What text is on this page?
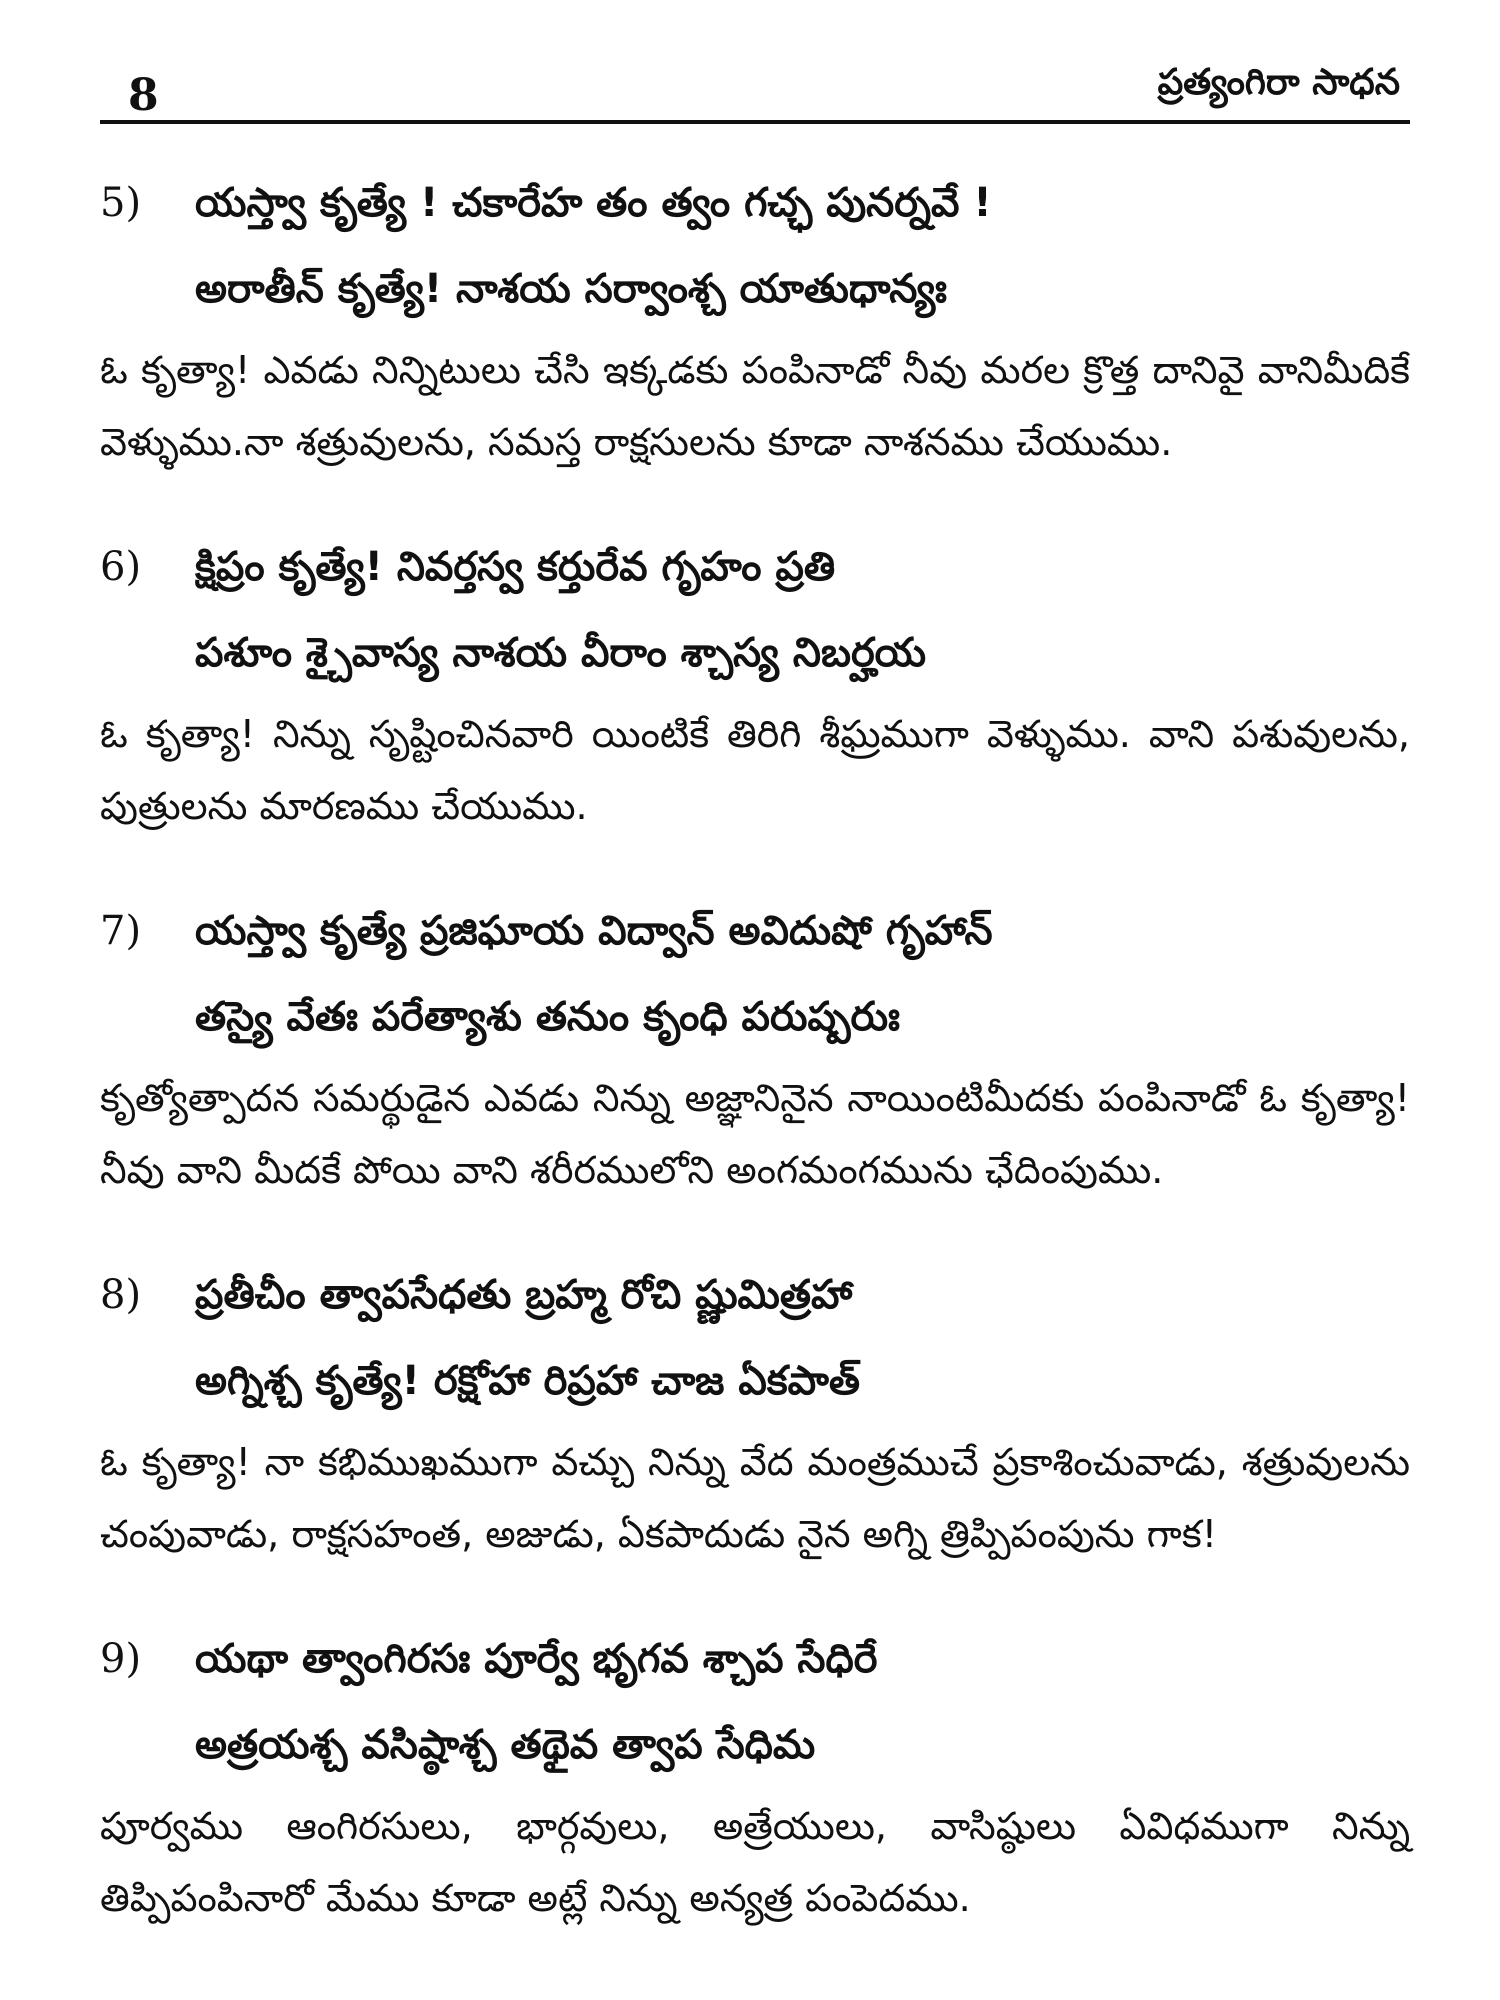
8	ప్రత్యంగిరా సాధన
5) యస్త్వా కృత్యే ! చకారేహ తం త్వం గచ్ఛ పునర్నవే !
అరాతీన్ కృత్యే! నాశయ సర్వాంశ్చ యాతుధాన్యః
ఓ కృత్యా! ఎవడు నిన్నిటులు చేసి ఇక్కడకు పంపినాడో నీవు మరల క్రొత్త దానివై వానిమీదికే వెళ్ళుము.నా శత్రువులను, సమస్త రాక్షసులను కూడా నాశనము చేయుము.
6) క్షిప్రం కృత్యే! నివర్తస్వ కర్తురేవ గృహం ప్రతి
పశూం శ్చైవాస్య నాశయ వీరాం శ్చాస్య నిబర్హయ
ఓ కృత్యా! నిన్ను సృష్టించినవారి యింటికే తిరిగి శీఘ్రముగా వెళ్ళుము. వాని పశువులను, పుత్రులను మారణము చేయుము.
7) యస్త్వా కృత్యే ప్రజిఘాయ విద్వాన్ అవిదుషో గృహాన్
తస్యై వేతః పరేత్యాశు తనుం కృంధి పరుష్పరుః
కృత్యోత్పాదన సమర్థుడైన ఎవడు నిన్ను అజ్ఞానినైన నాయింటిమీదకు పంపినాడో ఓ కృత్యా! నీవు వాని మీదకే పోయి వాని శరీరములోని అంగమంగమును ఛేదింపుము.
8) ప్రతీచీం త్వాపసేధతు బ్రహ్మ రోచి ష్ణుమిత్రహా
అగ్నిశ్చ కృత్యే! రక్షోహా రిప్రహా చాజ ఏకపాత్
ఓ కృత్యా! నా కభిముఖముగా వచ్చు నిన్ను వేద మంత్రముచే ప్రకాశించువాడు, శత్రువులను చంపువాడు, రాక్షసహంత, అజుడు, ఏకపాదుడు నైన అగ్ని త్రిప్పిపంపును గాక!
9) యథా త్వాంగిరసః పూర్వే భృగవ శ్చాప సేధిరే
అత్రయశ్చ వసిష్ఠాశ్చ తథైవ త్వాప సేధిమ
పూర్వము ఆంగిరసులు, భార్గవులు, అత్రేయులు, వాసిష్ఠులు ఏవిధముగా నిన్ను తిప్పిపంపినారో మేము కూడా అట్లే నిన్ను అన్యత్ర పంపెదము.
